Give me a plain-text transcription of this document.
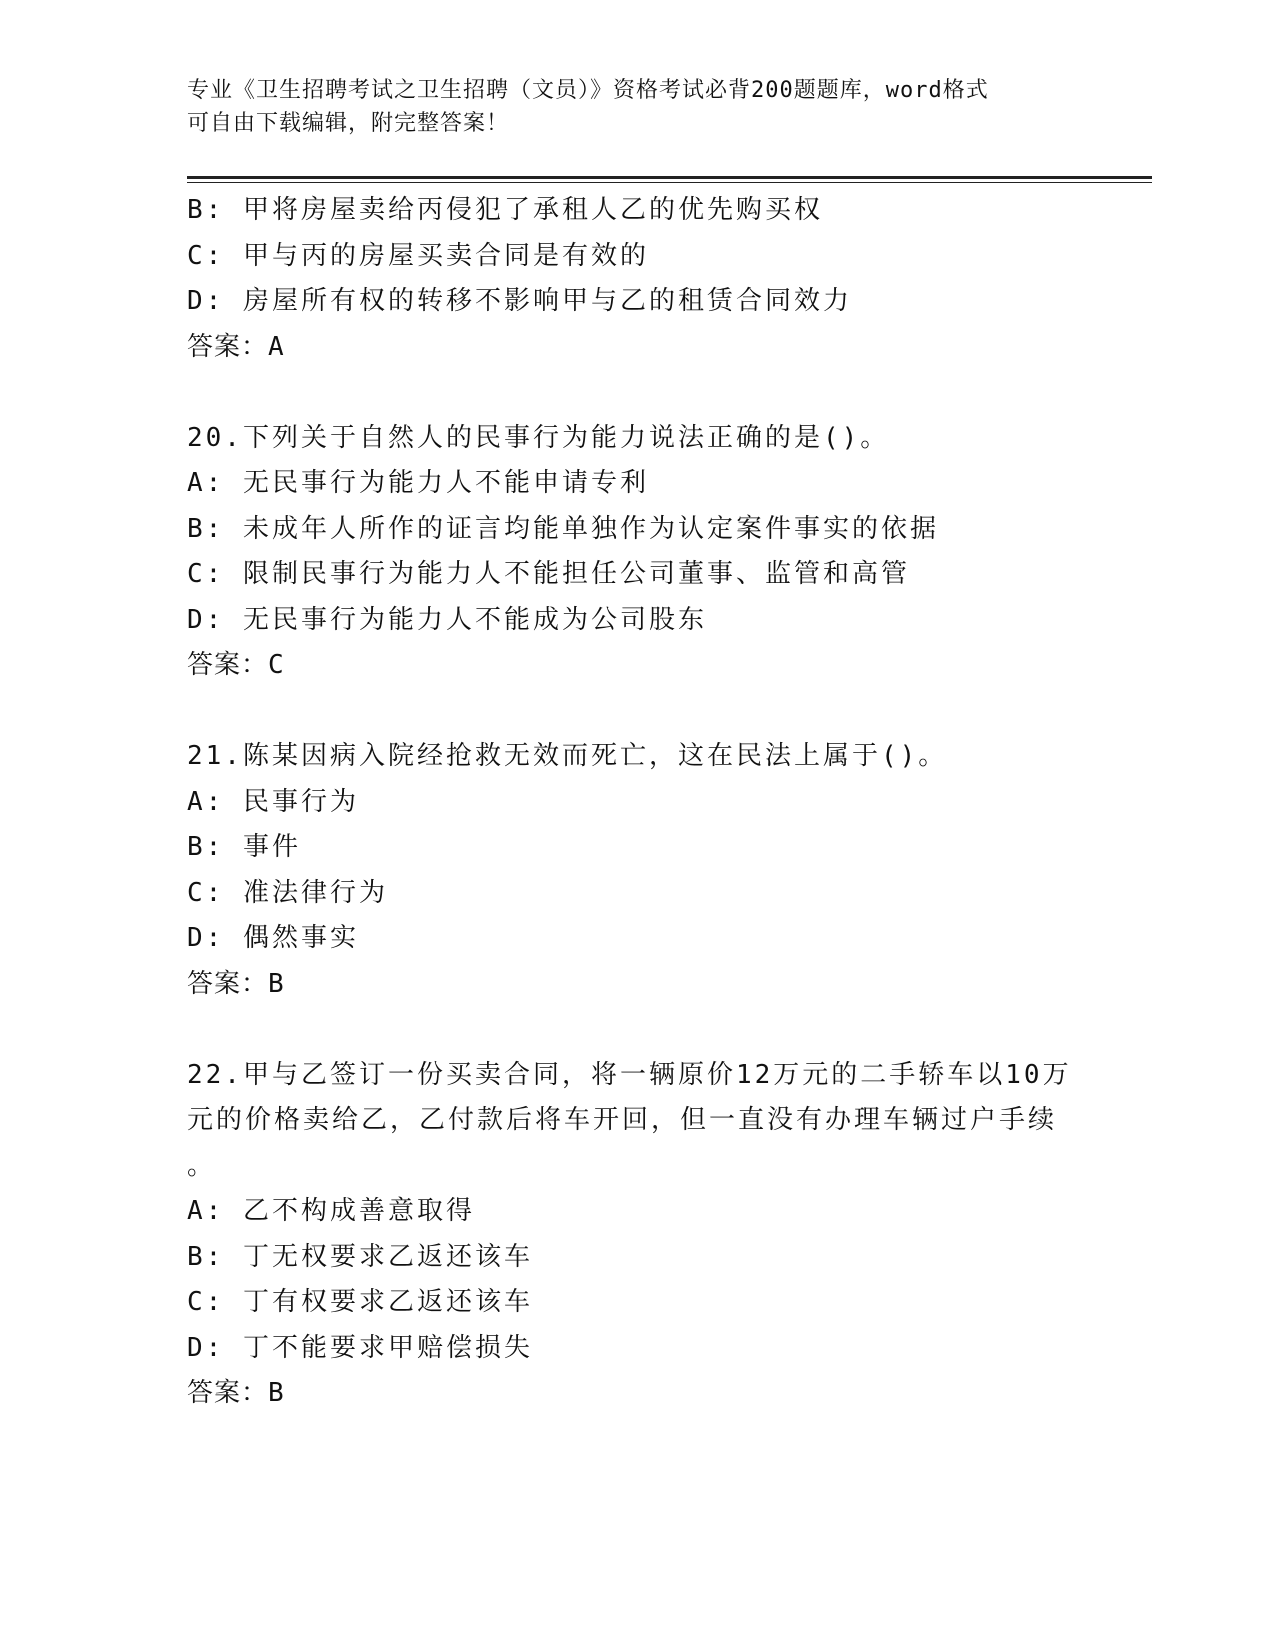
专业《卫生招聘考试之卫生招聘（文员）》资格考试必背200题题库，word格式
可自由下载编辑，附完整答案！
B: 甲将房屋卖给丙侵犯了承租人乙的优先购买权
C: 甲与丙的房屋买卖合同是有效的
D: 房屋所有权的转移不影响甲与乙的租赁合同效力
答案：A
20.下列关于自然人的民事行为能力说法正确的是()。
A: 无民事行为能力人不能申请专利
B: 未成年人所作的证言均能单独作为认定案件事实的依据
C: 限制民事行为能力人不能担任公司董事、监管和高管
D: 无民事行为能力人不能成为公司股东
答案：C
21.陈某因病入院经抢救无效而死亡，这在民法上属于()。
A: 民事行为
B: 事件
C: 准法律行为
D: 偶然事实
答案：B
22.甲与乙签订一份买卖合同，将一辆原价12万元的二手轿车以10万
元的价格卖给乙，乙付款后将车开回，但一直没有办理车辆过户手续
。
A: 乙不构成善意取得
B: 丁无权要求乙返还该车
C: 丁有权要求乙返还该车
D: 丁不能要求甲赔偿损失
答案：B
